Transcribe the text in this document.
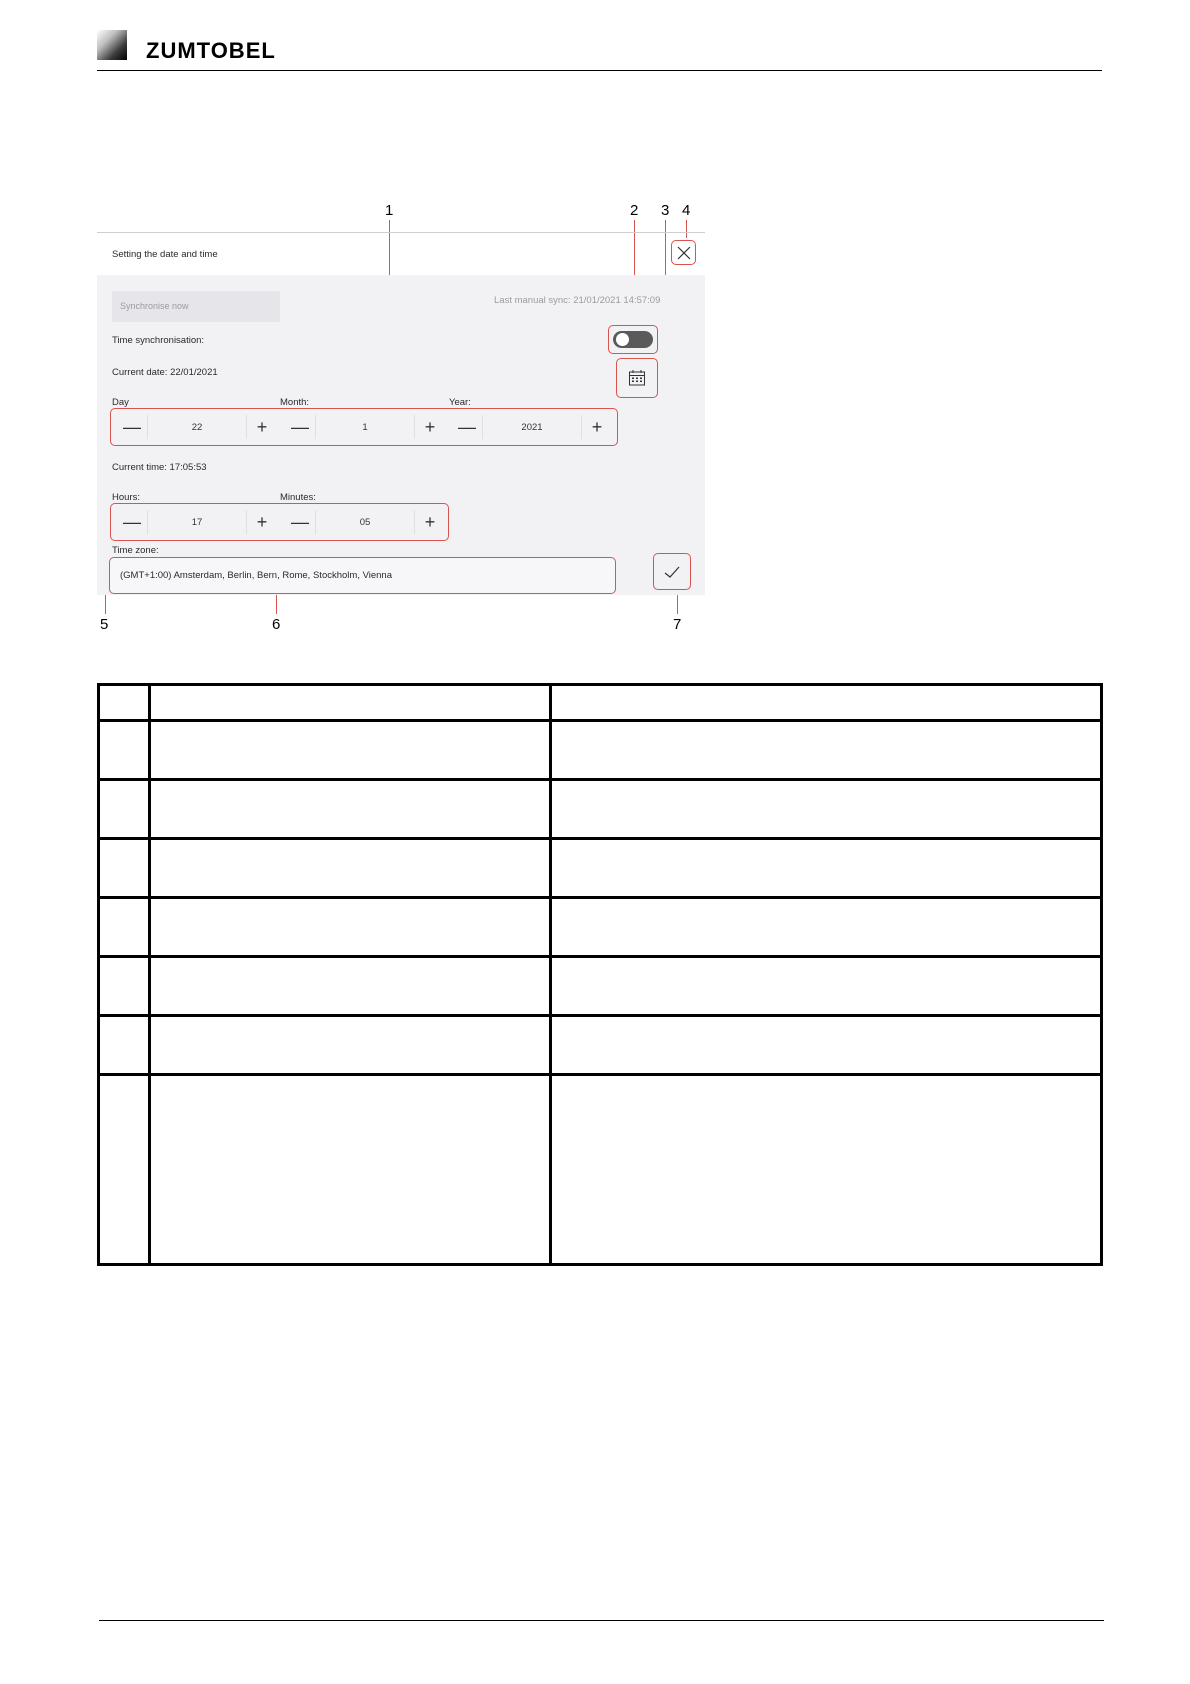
ZUMTOBEL
1	2 3 4
5	6	7
Setting the date and time
Synchronise now	Last manual sync: 21/01/2021 14:57:09
Time synchronisation:
Current date: 22/01/2021
Day	Month:	Year:
—	22	+	—	1	+	—	2021	+
Current time: 17:05:53
Hours:	Minutes:
—	17	+	—	05	+
Time zone:
(GMT+1:00) Amsterdam, Berlin, Bern, Rome, Stockholm, Vienna
